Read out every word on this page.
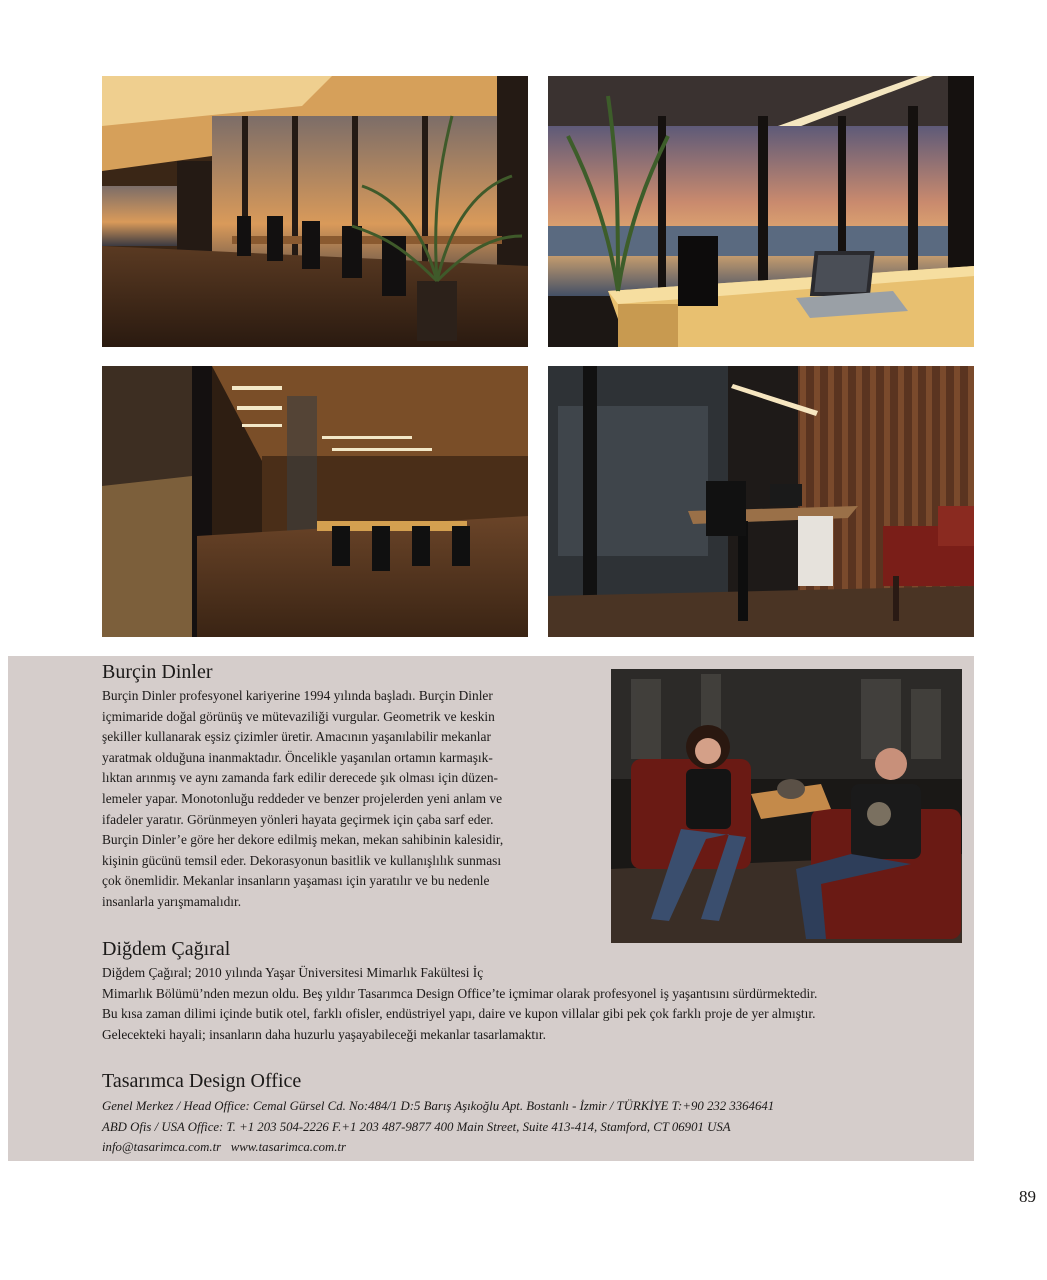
Burçin Dinler
Burçin Dinler profesyonel kariyerine 1994 yılında başladı. Burçin Dinler
içmimaride doğal görünüş ve mütevaziliği vurgular. Geometrik ve keskin
şekiller kullanarak eşsiz çizimler üretir. Amacının yaşanılabilir mekanlar
yaratmak olduğuna inanmaktadır. Öncelikle yaşanılan ortamın karmaşık-
lıktan arınmış ve aynı zamanda fark edilir derecede şık olması için düzen-
lemeler yapar. Monotonluğu reddeder ve benzer projelerden yeni anlam ve
ifadeler yaratır. Görünmeyen yönleri hayata geçirmek için çaba sarf eder.
Burçin Dinler’e göre her dekore edilmiş mekan, mekan sahibinin kalesidir,
kişinin gücünü temsil eder. Dekorasyonun basitlik ve kullanışlılık sunması
çok önemlidir. Mekanlar insanların yaşaması için yaratılır ve bu nedenle
insanlarla yarışmamalıdır.
Diğdem Çağıral
Diğdem Çağıral; 2010 yılında Yaşar Üniversitesi Mimarlık Fakültesi İç
Mimarlık Bölümü’nden mezun oldu. Beş yıldır Tasarımca Design Office’te içmimar olarak profesyonel iş yaşantısını sürdürmektedir.
Bu kısa zaman dilimi içinde butik otel, farklı ofisler, endüstriyel yapı, daire ve kupon villalar gibi pek çok farklı proje de yer almıştır.
Gelecekteki hayali; insanların daha huzurlu yaşayabileceği mekanlar tasarlamaktır.
Tasarımca Design Office
Genel Merkez / Head Office: Cemal Gürsel Cd. No:484/1 D:5 Barış Aşıkoğlu Apt. Bostanlı - İzmir / TÜRKİYE T:+90 232 3364641
ABD Ofis / USA Office: T. +1 203 504-2226 F.+1 203 487-9877 400 Main Street, Suite 413-414, Stamford, CT 06901 USA
info@tasarimca.com.tr www.tasarimca.com.tr
89
